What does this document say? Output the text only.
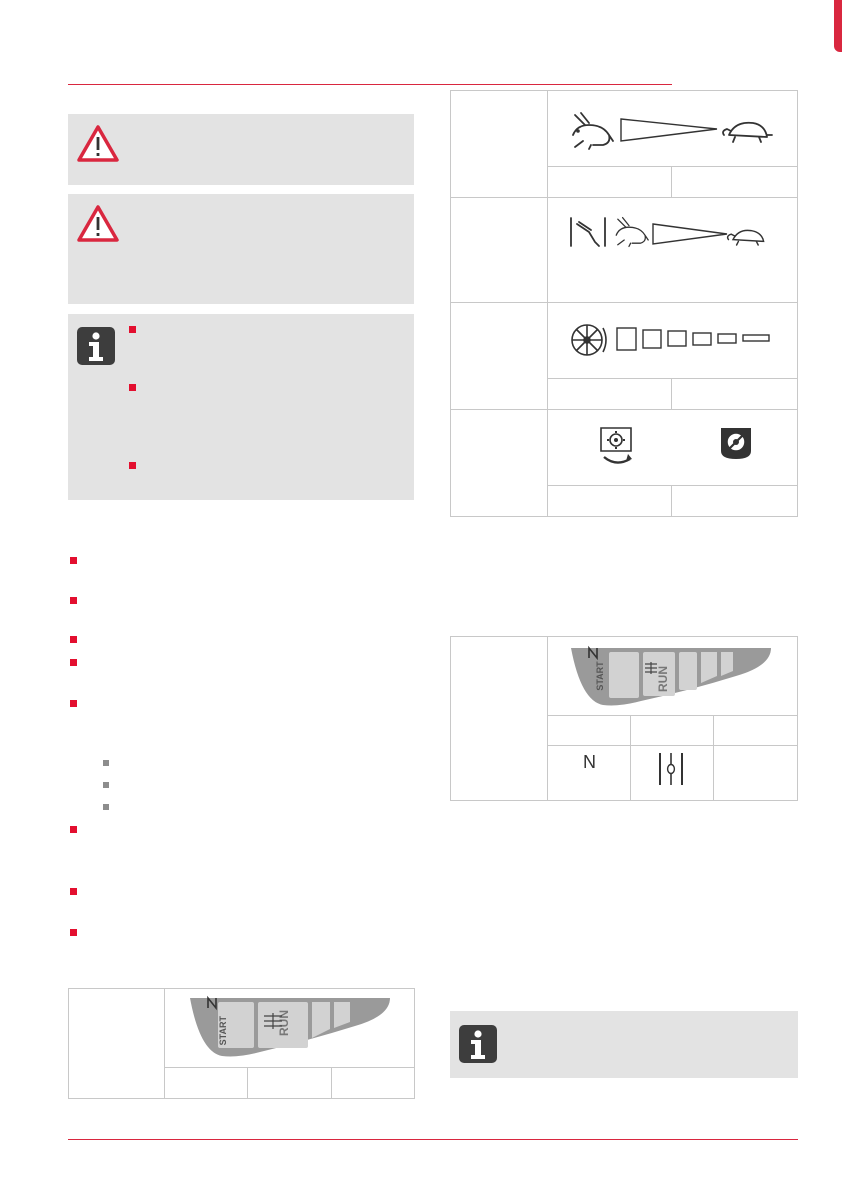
START	RUN
START	RUN
N
